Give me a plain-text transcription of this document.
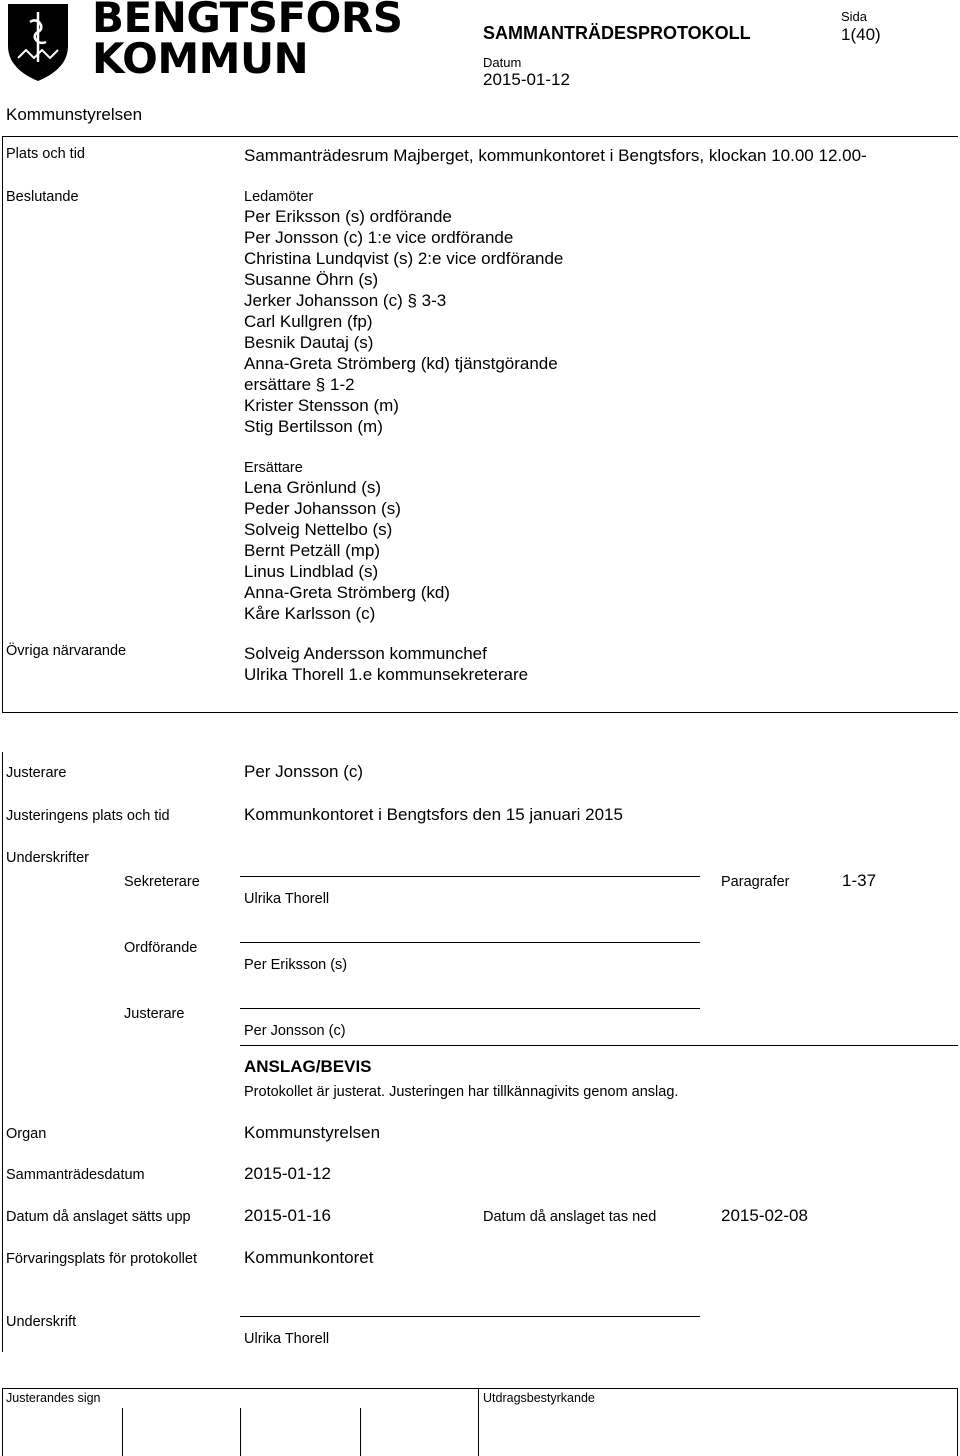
BENGTSFORS
KOMMUN
SAMMANTRÄDESPROTOKOLL
Sida
1(40)
Datum
2015-01-12
Kommunstyrelsen
Plats och tid	Sammanträdesrum Majberget, kommunkontoret i Bengtsfors, klockan 10.00 12.00-
Beslutande	Ledamöter
Per Eriksson (s) ordförande
Per Jonsson (c) 1:e vice ordförande
Christina Lundqvist (s) 2:e vice ordförande
Susanne Öhrn (s)
Jerker Johansson (c) § 3-3
Carl Kullgren (fp)
Besnik Dautaj (s)
Anna-Greta Strömberg (kd) tjänstgörande
ersättare § 1-2
Krister Stensson (m)
Stig Bertilsson (m)
Ersättare
Lena Grönlund (s)
Peder Johansson (s)
Solveig Nettelbo (s)
Bernt Petzäll (mp)
Linus Lindblad (s)
Anna-Greta Strömberg (kd)
Kåre Karlsson (c)
Övriga närvarande	Solveig Andersson kommunchef
Ulrika Thorell 1.e kommunsekreterare
Justerare	Per Jonsson (c)
Justeringens plats och tid	Kommunkontoret i Bengtsfors den 15 januari 2015
Underskrifter
Sekreterare
Ulrika Thorell
Paragrafer	1-37
Ordförande
Per Eriksson (s)
Justerare
Per Jonsson (c)
ANSLAG/BEVIS
Protokollet är justerat. Justeringen har tillkännagivits genom anslag.
Organ	Kommunstyrelsen
Sammanträdesdatum	2015-01-12
Datum då anslaget sätts upp	2015-01-16	Datum då anslaget tas ned	2015-02-08
Förvaringsplats för protokollet	Kommunkontoret
Underskrift
Ulrika Thorell
Justerandes sign	Utdragsbestyrkande
